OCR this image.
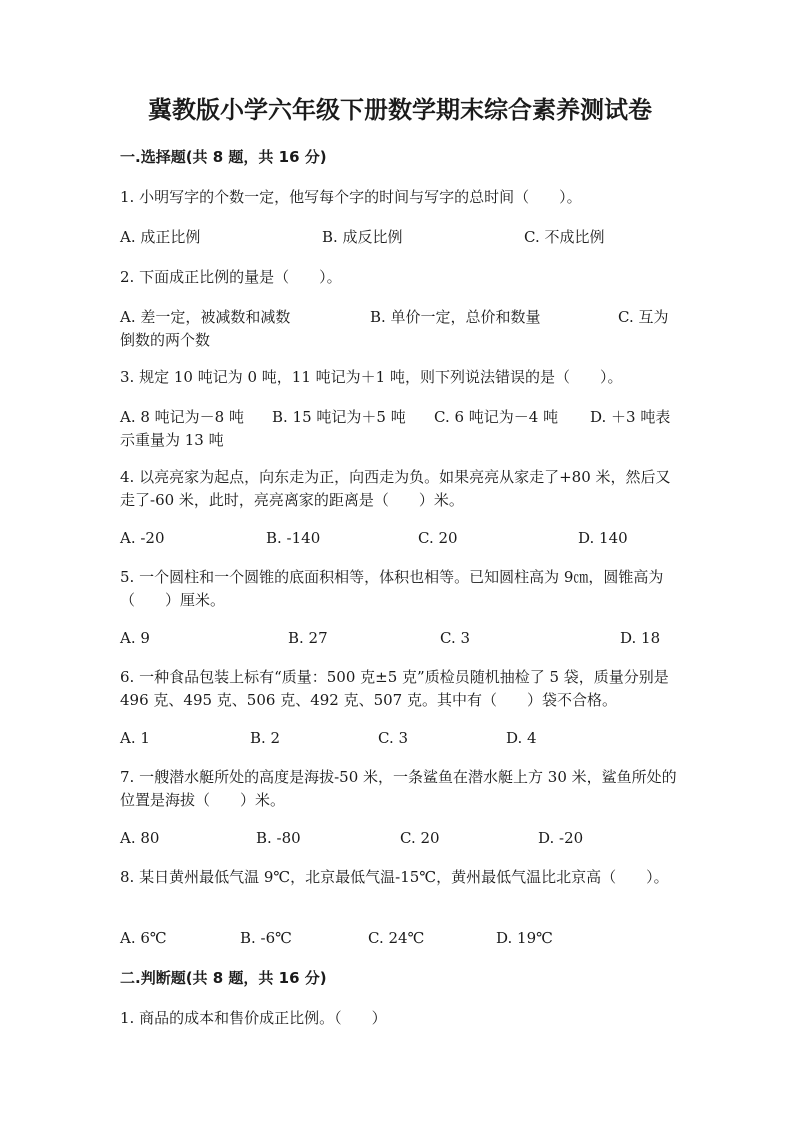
冀教版小学六年级下册数学期末综合素养测试卷
一.选择题(共 8 题，共 16 分)
1. 小明写字的个数一定，他写每个字的时间与写字的总时间（　　）。
A. 成正比例	B. 成反比例	C. 不成比例
2. 下面成正比例的量是（　　）。
A. 差一定，被减数和减数	B. 单价一定，总价和数量	C. 互为倒数的两个数
3. 规定 10 吨记为 0 吨，11 吨记为＋1 吨，则下列说法错误的是（　　）。
A. 8 吨记为－8 吨 B. 15 吨记为＋5 吨 C. 6 吨记为－4 吨	D. ＋3 吨表示重量为 13 吨
4. 以亮亮家为起点，向东走为正，向西走为负。如果亮亮从家走了+80 米，然后又走了-60 米，此时，亮亮离家的距离是（　　）米。
A. -20	B. -140	C. 20	D. 140
5. 一个圆柱和一个圆锥的底面积相等，体积也相等。已知圆柱高为 9㎝，圆锥高为（　　）厘米。
A. 9	B. 27	C. 3	D. 18
6. 一种食品包装上标有“质量：500 克±5 克”质检员随机抽检了 5 袋，质量分别是 496 克、495 克、506 克、492 克、507 克。其中有（　　）袋不合格。
A. 1	B. 2	C. 3	D. 4
7. 一艘潜水艇所处的高度是海拔-50 米，一条鲨鱼在潜水艇上方 30 米，鲨鱼所处的位置是海拔（　　）米。
A. 80	B. -80	C. 20	D. -20
8. 某日黄州最低气温 9℃，北京最低气温-15℃，黄州最低气温比北京高（　　）。
A. 6℃	B. -6℃	C. 24℃	D. 19℃
二.判断题(共 8 题，共 16 分)
1. 商品的成本和售价成正比例。（　　）
